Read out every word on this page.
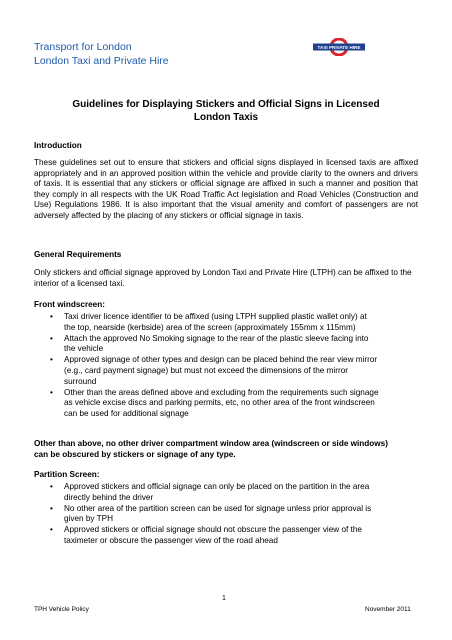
Transport for London
London Taxi and Private Hire
TAXI PRIVATE HIRE
Guidelines for Displaying Stickers and Official Signs in Licensed
London Taxis
Introduction
These guidelines set out to ensure that stickers and official signs displayed in licensed taxis are affixed appropriately and in an approved position within the vehicle and provide clarity to the owners and drivers of taxis. It is essential that any stickers or official signage are affixed in such a manner and position that they comply in all respects with the UK Road Traffic Act legislation and Road Vehicles (Construction and Use) Regulations 1986. It is also important that the visual amenity and comfort of passengers are not adversely affected by the placing of any stickers or official signage in taxis.
General Requirements
Only stickers and official signage approved by London Taxi and Private Hire (LTPH) can be affixed to the interior of a licensed taxi.
Front windscreen:
• Taxi driver licence identifier to be affixed (using LTPH supplied plastic wallet only) at the top, nearside (kerbside) area of the screen (approximately 155mm x 115mm)
• Attach the approved No Smoking signage to the rear of the plastic sleeve facing into the vehicle
• Approved signage of other types and design can be placed behind the rear view mirror (e.g., card payment signage) but must not exceed the dimensions of the mirror surround
• Other than the areas defined above and excluding from the requirements such signage as vehicle excise discs and parking permits, etc, no other area of the front windscreen can be used for additional signage
Other than above, no other driver compartment window area (windscreen or side windows) can be obscured by stickers or signage of any type.
Partition Screen:
• Approved stickers and official signage can only be placed on the partition in the area directly behind the driver
• No other area of the partition screen can be used for signage unless prior approval is given by TPH
• Approved stickers or official signage should not obscure the passenger view of the taximeter or obscure the passenger view of the road ahead
1
TPH Vehicle Policy	November 2011
